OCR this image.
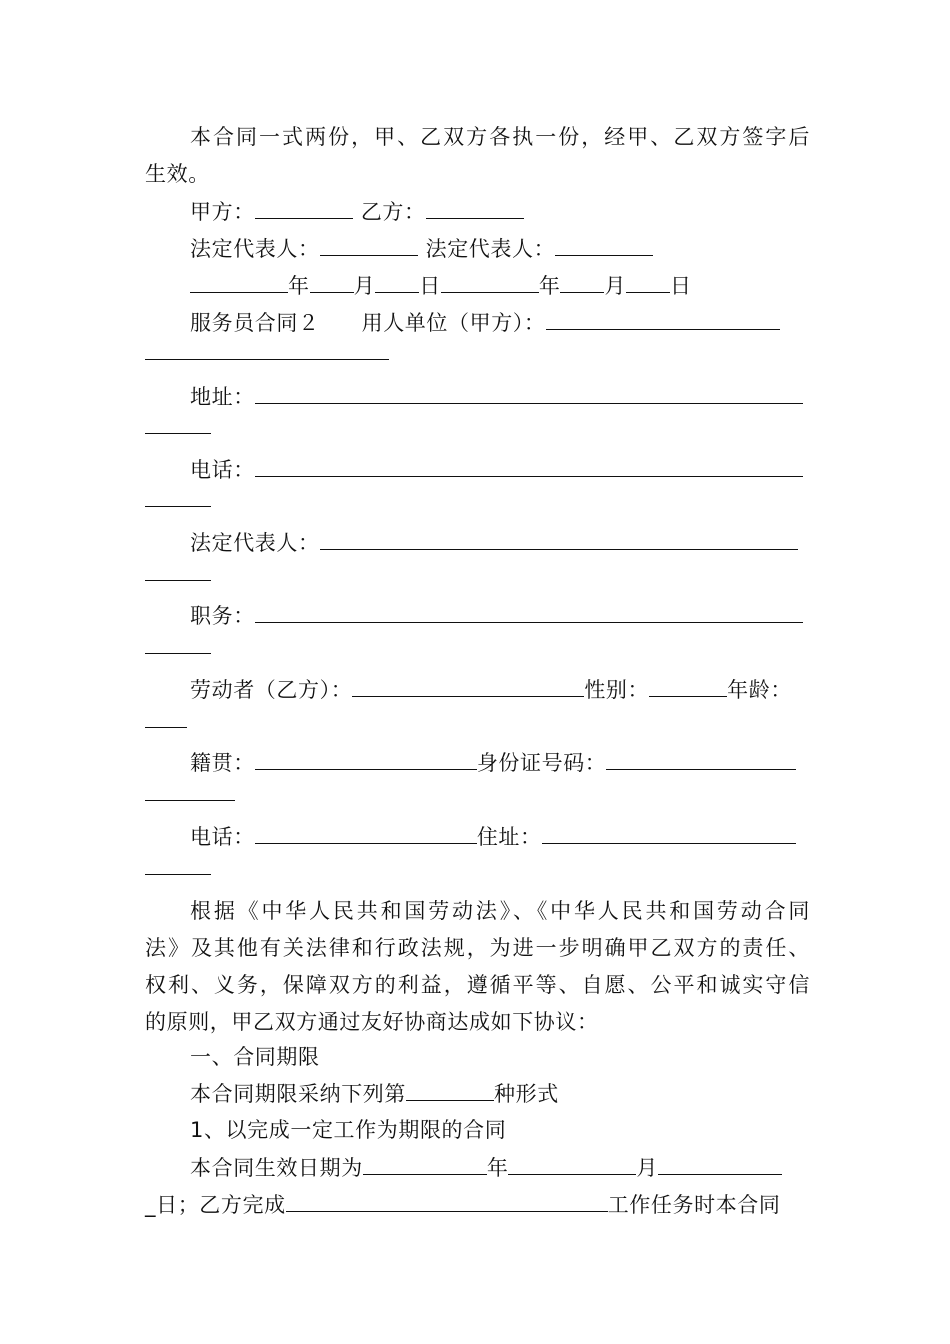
本合同一式两份，甲、乙双方各执一份，经甲、乙双方签字后
生效。
甲方：	乙方：
法定代表人：	法定代表人：
年 月 日	年 月 日
服务员合同２ 用人单位（甲方）：
地址：
电话：
法定代表人：
职务：
劳动者（乙方）：	性别：	年龄：
籍贯：	身份证号码：
电话：	住址：
根据《中华人民共和国劳动法》、《中华人民共和国劳动合同
法》及其他有关法律和行政法规，为进一步明确甲乙双方的责任、
权利、义务，保障双方的利益，遵循平等、自愿、公平和诚实守信
的原则，甲乙双方通过友好协商达成如下协议：
一、合同期限
本合同期限采纳下列第	种形式
1、以完成一定工作为期限的合同
本合同生效日期为	年	月
_日；乙方完成	工作任务时本合同
